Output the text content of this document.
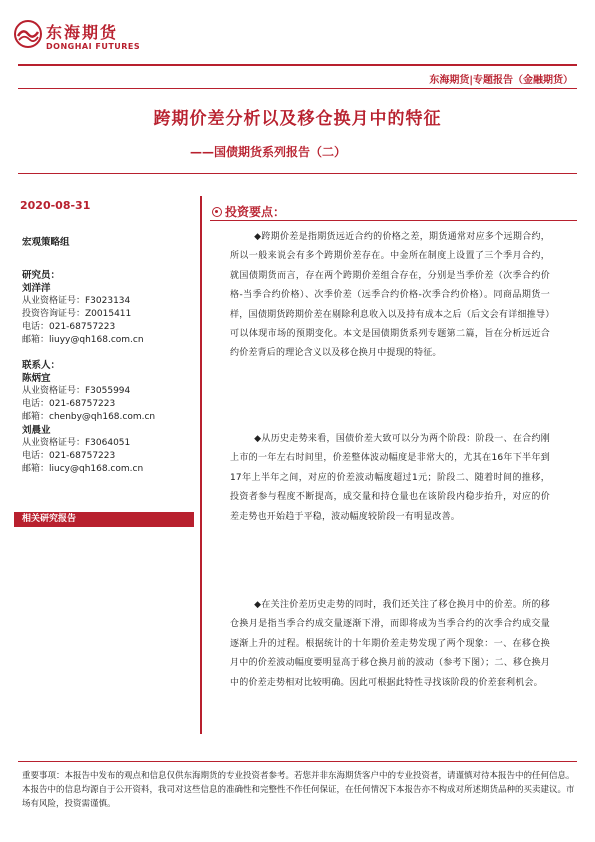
东海期货
DONGHAI FUTURES
东海期货|专题报告（金融期货）
跨期价差分析以及移仓换月中的特征
——国债期货系列报告（二）
2020-08-31
宏观策略组
研究员：
刘洋洋
从业资格证号：F3023134
投资咨询证号：Z0015411
电话：021-68757223
邮箱：liuyy@qh168.com.cn
联系人：
陈炳宜
从业资格证号：F3055994
电话：021-68757223
邮箱：chenby@qh168.com.cn
刘晨业
从业资格证号：F3064051
电话：021-68757223
邮箱：liucy@qh168.com.cn
相关研究报告
投资要点：
◆跨期价差是指期货远近合约的价格之差，期货通常对应多个远期合约，所以一般来说会有多个跨期价差存在。中金所在制度上设置了三个季月合约，就国债期货而言，存在两个跨期价差组合存在，分别是当季价差（次季合约价格-当季合约价格）、次季价差（远季合约价格-次季合约价格）。同商品期货一样，国债期货跨期价差在剔除利息收入以及持有成本之后（后文会有详细推导）可以体现市场的预期变化。本文是国债期货系列专题第二篇，旨在分析远近合约价差背后的理论含义以及移仓换月中提现的特征。
◆从历史走势来看，国债价差大致可以分为两个阶段：阶段一、在合约刚上市的一年左右时间里，价差整体波动幅度是非常大的，尤其在16年下半年到17年上半年之间，对应的价差波动幅度超过1元；阶段二、随着时间的推移，投资者参与程度不断提高，成交量和持仓量也在该阶段内稳步抬升，对应的价差走势也开始趋于平稳，波动幅度较阶段一有明显改善。
◆在关注价差历史走势的同时，我们还关注了移仓换月中的价差。所的移仓换月是指当季合约成交量逐渐下滑，而即将成为当季合约的次季合约成交量逐渐上升的过程。根据统计的十年期价差走势发现了两个现象：一、在移仓换月中的价差波动幅度要明显高于移仓换月前的波动（参考下图）；二、移仓换月中的价差走势相对比较明确。因此可根据此特性寻找该阶段的价差套利机会。
重要事项：本报告中发布的观点和信息仅供东海期货的专业投资者参考。若您并非东海期货客户中的专业投资者，请谨慎对待本报告中的任何信息。本报告中的信息均源自于公开资料，我司对这些信息的准确性和完整性不作任何保证，在任何情况下本报告亦不构成对所述期货品种的买卖建议。市场有风险，投资需谨慎。
